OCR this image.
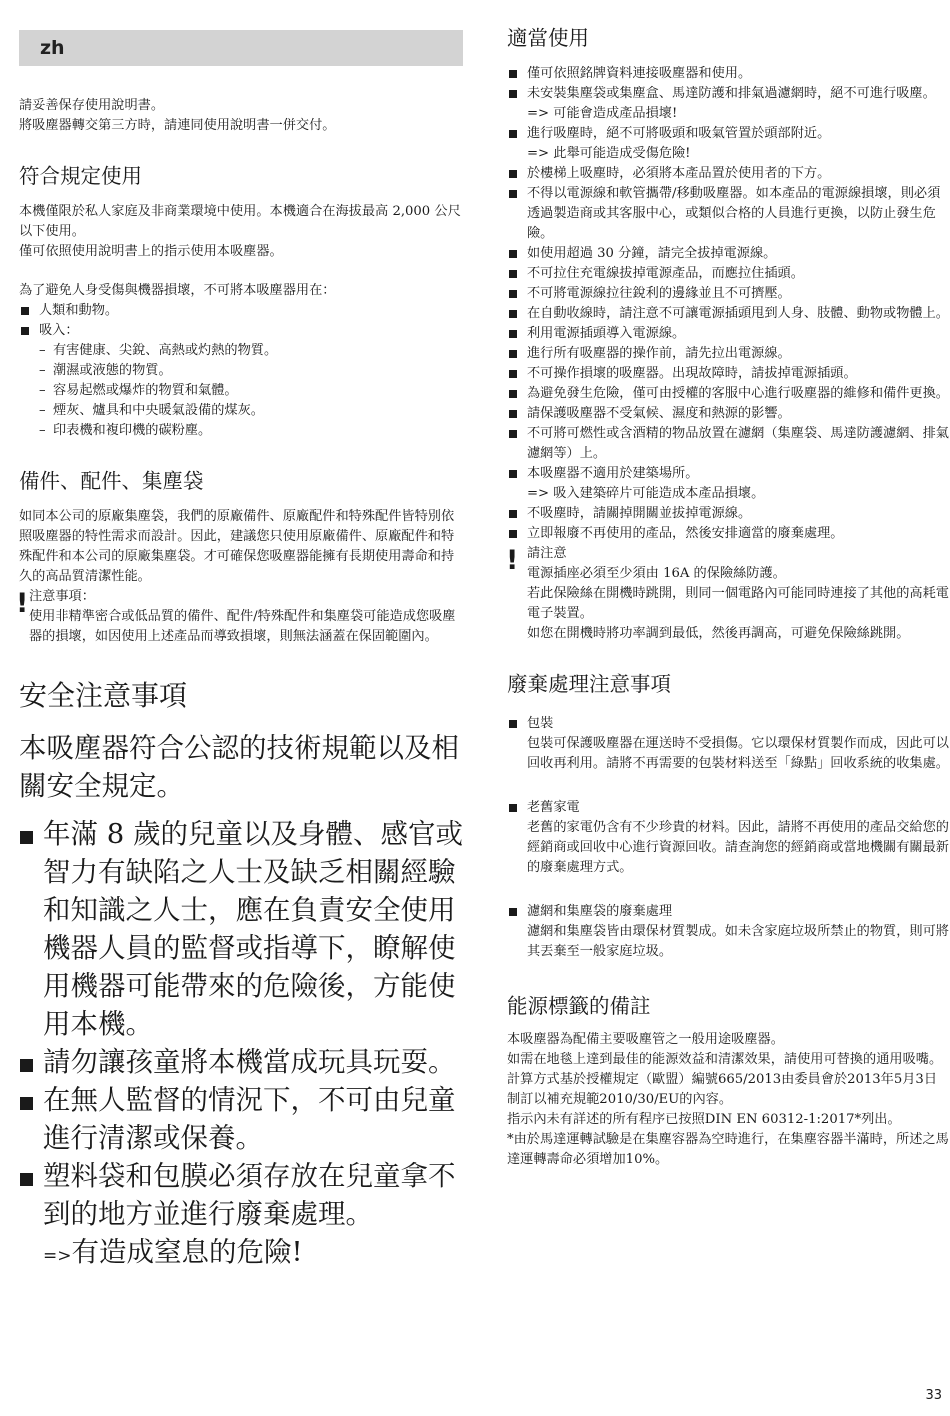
zh

請妥善保存使用說明書。

將吸塵器轉交第三方時，請連同使用說明書一併交付。

符合規定使用

本機僅限於私人家庭及非商業環境中使用。本機適合在海拔最高 2,000 公尺以下使用。

僅可依照使用說明書上的指示使用本吸塵器。

為了避免人身受傷與機器損壞，不可將本吸塵器用在：

人類和動物。
吸入：
– 有害健康、尖銳、高熱或灼熱的物質。
– 潮濕或液態的物質。
– 容易起燃或爆炸的物質和氣體。
– 煙灰、爐具和中央暖氣設備的煤灰。
– 印表機和複印機的碳粉塵。
備件、配件、集塵袋

如同本公司的原廠集塵袋，我們的原廠備件、原廠配件和特殊配件皆特別依照吸塵器的特性需求而設計。因此，建議您只使用原廠備件、原廠配件和特殊配件和本公司的原廠集塵袋。才可確保您吸塵器能擁有長期使用壽命和持久的高品質清潔性能。

! 注意事項：

使用非精準密合或低品質的備件、配件/特殊配件和集塵袋可能造成您吸塵器的損壞，如因使用上述產品而導致損壞，則無法涵蓋在保固範圍內。

安全注意事項

本吸塵器符合公認的技術規範以及相關安全規定。

年滿 8 歲的兒童以及身體、感官或智力有缺陷之人士及缺乏相關經驗和知識之人士，應在負責安全使用機器人員的監督或指導下，瞭解使用機器可能帶來的危險後，方能使用本機。
請勿讓孩童將本機當成玩具玩耍。
在無人監督的情況下，不可由兒童進行清潔或保養。
塑料袋和包膜必須存放在兒童拿不到的地方並進行廢棄處理。
=>有造成窒息的危險!
適當使用
僅可依照銘牌資料連接吸塵器和使用。
未安裝集塵袋或集塵盒、馬達防護和排氣過濾網時，絕不可進行吸塵。
=> 可能會造成產品損壞!
進行吸塵時，絕不可將吸頭和吸氣管置於頭部附近。
=> 此舉可能造成受傷危險!
於樓梯上吸塵時，必須將本產品置於使用者的下方。
不得以電源線和軟管攜帶/移動吸塵器。如本產品的電源線損壞，則必須透過製造商或其客服中心，或類似合格的人員進行更換，以防止發生危險。
如使用超過 30 分鐘，請完全拔掉電源線。
不可拉住充電線拔掉電源產品，而應拉住插頭。
不可將電源線拉往銳利的邊緣並且不可擠壓。
在自動收線時，請注意不可讓電源插頭甩到人身、肢體、動物或物體上。
利用電源插頭導入電源線。
進行所有吸塵器的操作前，請先拉出電源線。
不可操作損壞的吸塵器。出現故障時，請拔掉電源插頭。
為避免發生危險，僅可由授權的客服中心進行吸塵器的維修和備件更換。
請保護吸塵器不受氣候、濕度和熱源的影響。
不可將可燃性或含酒精的物品放置在濾網（集塵袋、馬達防護濾網、排氣濾網等）上。
本吸塵器不適用於建築場所。
=> 吸入建築碎片可能造成本產品損壞。
不吸塵時，請關掉開關並拔掉電源線。
立即報廢不再使用的產品，然後安排適當的廢棄處理。
! 請注意

電源插座必須至少須由 16A 的保險絲防護。

若此保險絲在開機時跳開，則同一個電路內可能同時連接了其他的高耗電電子裝置。

如您在開機時將功率調到最低，然後再調高，可避免保險絲跳開。

廢棄處理注意事項

包裝

包裝可保護吸塵器在運送時不受損傷。它以環保材質製作而成，因此可以回收再利用。請將不再需要的包裝材料送至「綠點」回收系統的收集處。

老舊家電

老舊的家電仍含有不少珍貴的材料。因此，請將不再使用的產品交給您的經銷商或回收中心進行資源回收。請查詢您的經銷商或當地機關有關最新的廢棄處理方式。

濾網和集塵袋的廢棄處理

濾網和集塵袋皆由環保材質製成。如未含家庭垃圾所禁止的物質，則可將其丟棄至一般家庭垃圾。

能源標籤的備註

本吸塵器為配備主要吸塵管之一般用途吸塵器。

如需在地毯上達到最佳的能源效益和清潔效果，請使用可替換的通用吸嘴。

計算方式基於授權規定（歐盟）編號665/2013由委員會於2013年5月3日制訂以補充規範2010/30/EU的內容。

指示內未有詳述的所有程序已按照DIN EN 60312-1:2017*列出。

*由於馬達運轉試驗是在集塵容器為空時進行，在集塵容器半滿時，所述之馬達運轉壽命必須增加10%。

33
